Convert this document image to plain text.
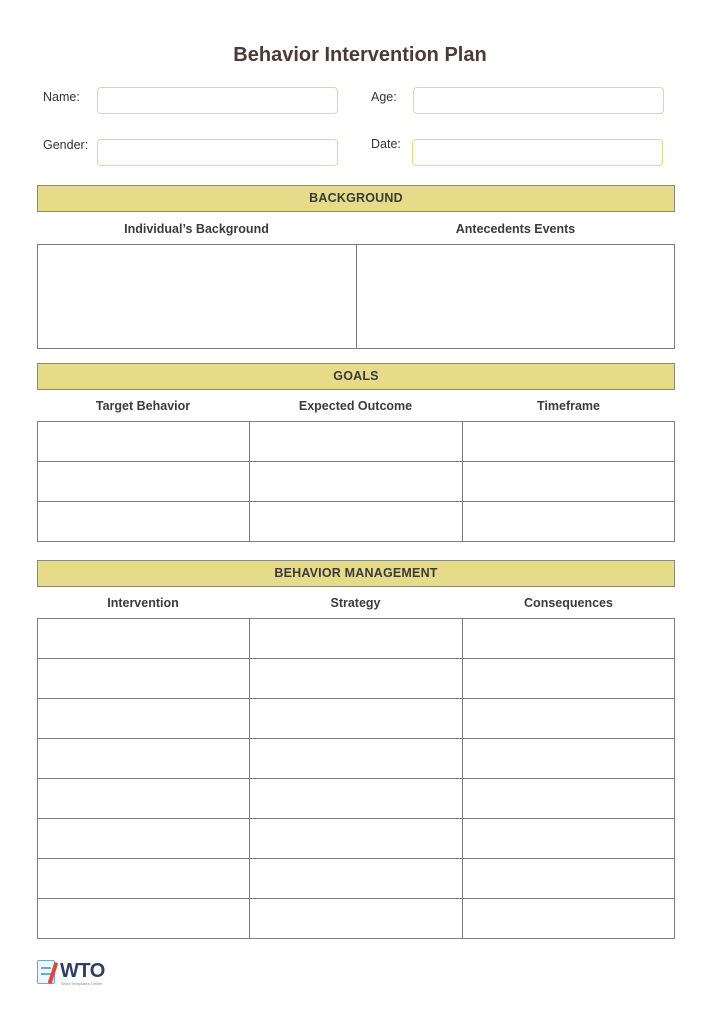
Behavior Intervention Plan
Name:	Age:
Gender:	Date:
BACKGROUND
Individual’s Background	Antecedents Events

GOALS
Target Behavior	Expected Outcome	Timeframe

BEHAVIOR MANAGEMENT
Intervention	Strategy	Consequences

WTO
Word Templates Online
